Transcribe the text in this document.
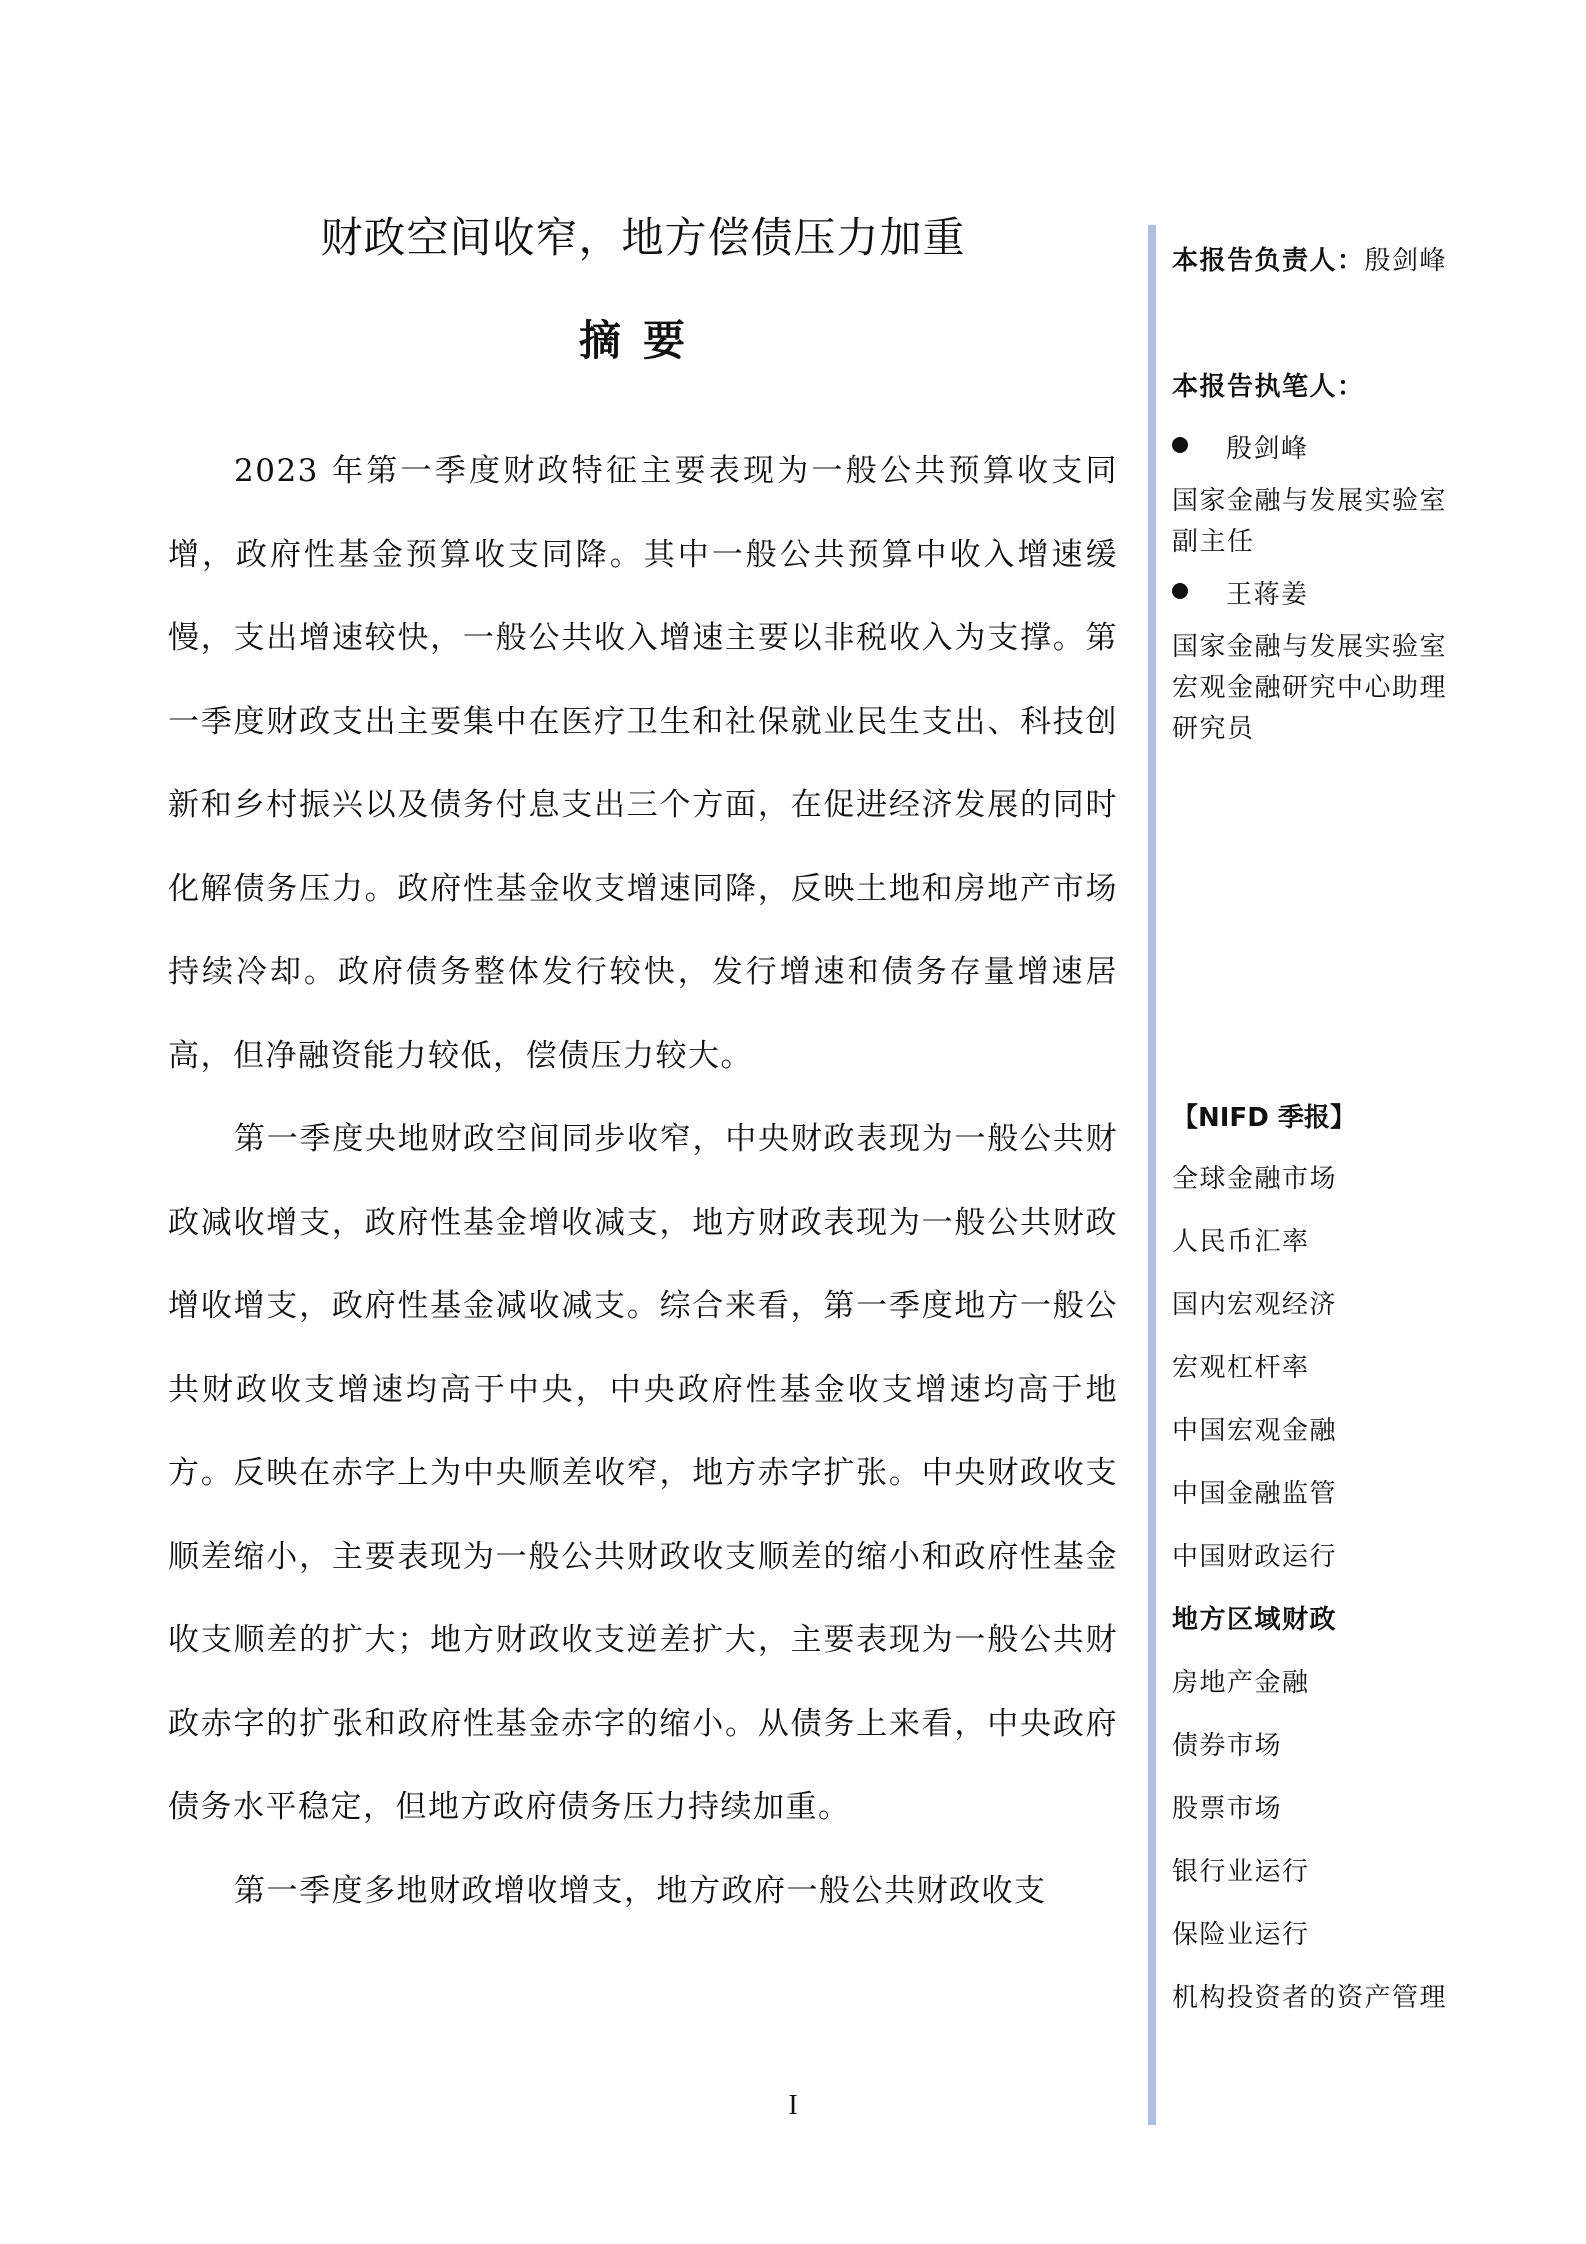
财政空间收窄，地方偿债压力加重
摘要

2023 年第一季度财政特征主要表现为一般公共预算收支同增，政府性基金预算收支同降。其中一般公共预算中收入增速缓慢，支出增速较快，一般公共收入增速主要以非税收入为支撑。第一季度财政支出主要集中在医疗卫生和社保就业民生支出、科技创新和乡村振兴以及债务付息支出三个方面，在促进经济发展的同时化解债务压力。政府性基金收支增速同降，反映土地和房地产市场持续冷却。政府债务整体发行较快，发行增速和债务存量增速居高，但净融资能力较低，偿债压力较大。

第一季度央地财政空间同步收窄，中央财政表现为一般公共财政减收增支，政府性基金增收减支，地方财政表现为一般公共财政增收增支，政府性基金减收减支。综合来看，第一季度地方一般公共财政收支增速均高于中央，中央政府性基金收支增速均高于地方。反映在赤字上为中央顺差收窄，地方赤字扩张。中央财政收支顺差缩小，主要表现为一般公共财政收支顺差的缩小和政府性基金收支顺差的扩大；地方财政收支逆差扩大，主要表现为一般公共财政赤字的扩张和政府性基金赤字的缩小。从债务上来看，中央政府债务水平稳定，但地方政府债务压力持续加重。

第一季度多地财政增收增支，地方政府一般公共财政收支

本报告负责人：殷剑峰
本报告执笔人：
殷剑峰
国家金融与发展实验室
副主任
王蒋姜
国家金融与发展实验室
宏观金融研究中心助理
研究员
【NIFD 季报】
全球金融市场
人民币汇率
国内宏观经济
宏观杠杆率
中国宏观金融
中国金融监管
中国财政运行
地方区域财政
房地产金融
债券市场
股票市场
银行业运行
保险业运行
机构投资者的资产管理
I
